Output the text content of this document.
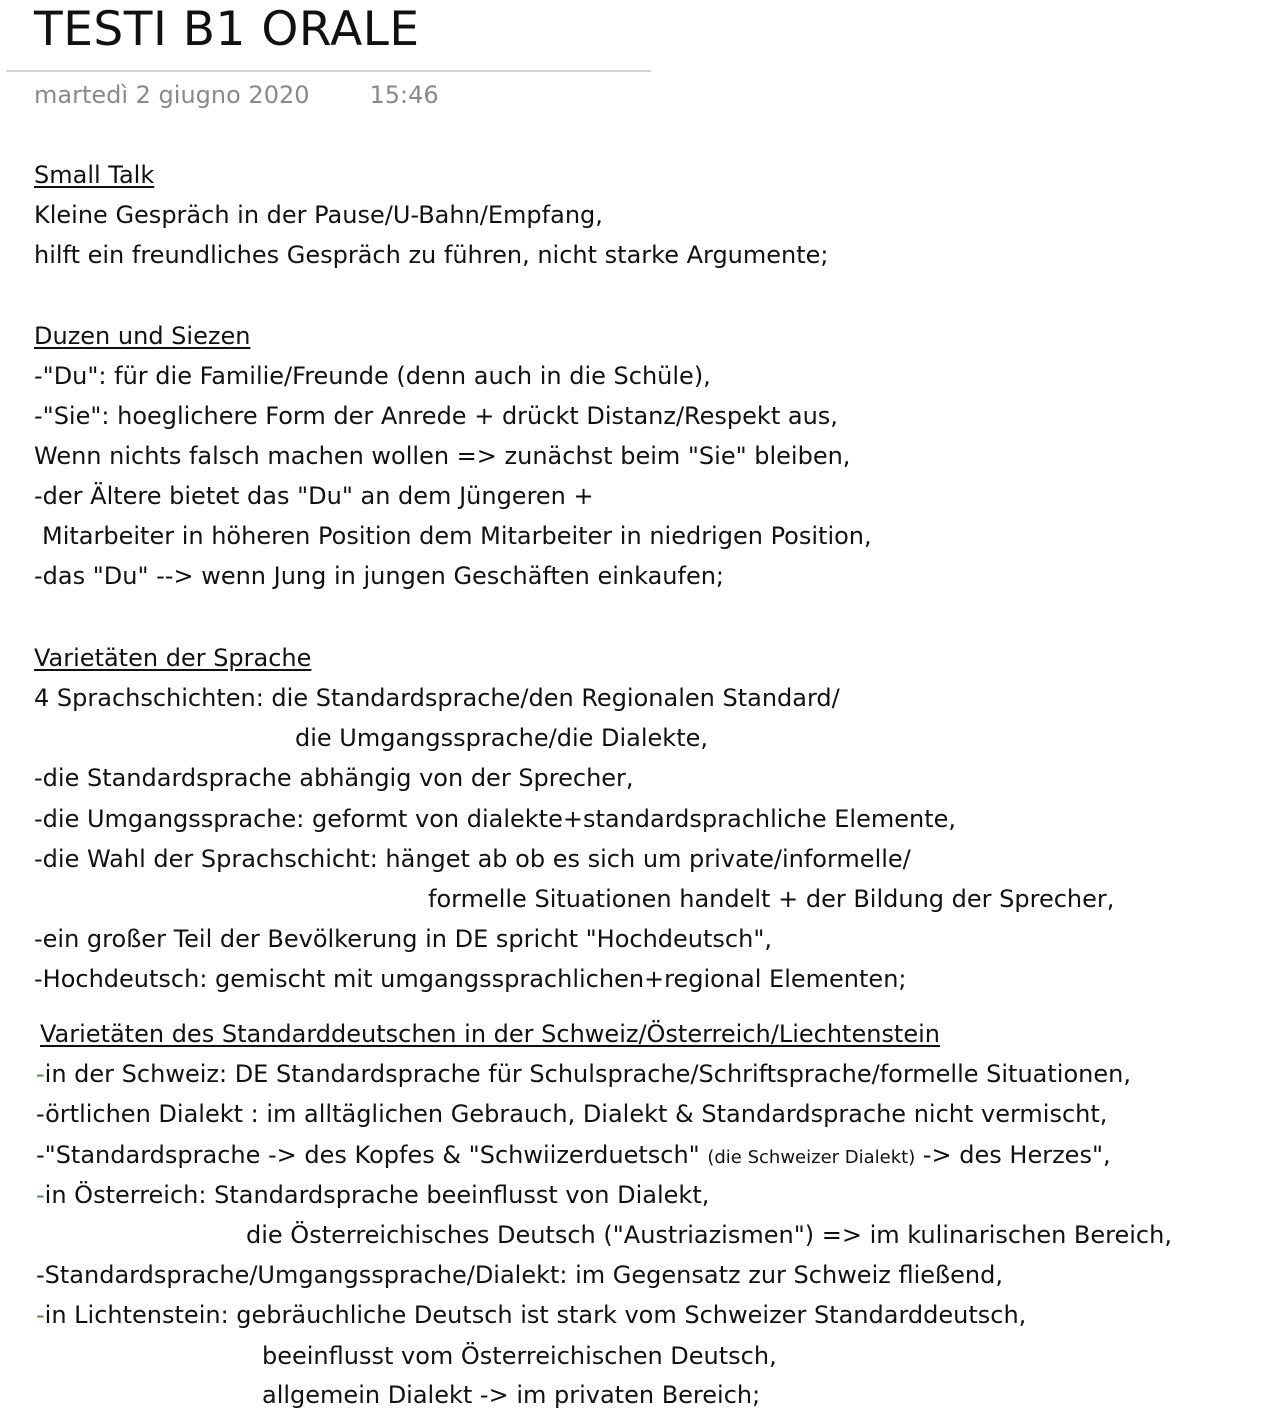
TESTI B1 ORALE
martedì 2 giugno 2020	15:46
Small Talk
Kleine Gespräch in der Pause/U-Bahn/Empfang,
hilft ein freundliches Gespräch zu führen, nicht starke Argumente;
Duzen und Siezen
-"Du": für die Familie/Freunde (denn auch in die Schüle),
-"Sie": hoeglichere Form der Anrede + drückt Distanz/Respekt aus,
Wenn nichts falsch machen wollen => zunächst beim "Sie" bleiben,
-der Ältere bietet das "Du" an dem Jüngeren +
Mitarbeiter in höheren Position dem Mitarbeiter in niedrigen Position,
-das "Du" --> wenn Jung in jungen Geschäften einkaufen;
Varietäten der Sprache
4 Sprachschichten: die Standardsprache/den Regionalen Standard/
die Umgangssprache/die Dialekte,
-die Standardsprache abhängig von der Sprecher,
-die Umgangssprache: geformt von dialekte+standardsprachliche Elemente,
-die Wahl der Sprachschicht: hänget ab ob es sich um private/informelle/
formelle Situationen handelt + der Bildung der Sprecher,
-ein großer Teil der Bevölkerung in DE spricht "Hochdeutsch",
-Hochdeutsch: gemischt mit umgangssprachlichen+regional Elementen;
Varietäten des Standarddeutschen in der Schweiz/Österreich/Liechtenstein
-in der Schweiz: DE Standardsprache für Schulsprache/Schriftsprache/formelle Situationen,
-örtlichen Dialekt : im alltäglichen Gebrauch, Dialekt & Standardsprache nicht vermischt,
-"Standardsprache -> des Kopfes & "Schwiizerduetsch" (die Schweizer Dialekt) -> des Herzes",
-in Österreich: Standardsprache beeinflusst von Dialekt,
die Österreichisches Deutsch ("Austriazismen") => im kulinarischen Bereich,
-Standardsprache/Umgangssprache/Dialekt: im Gegensatz zur Schweiz fließend,
-in Lichtenstein: gebräuchliche Deutsch ist stark vom Schweizer Standarddeutsch,
beeinflusst vom Österreichischen Deutsch,
allgemein Dialekt -> im privaten Bereich;
